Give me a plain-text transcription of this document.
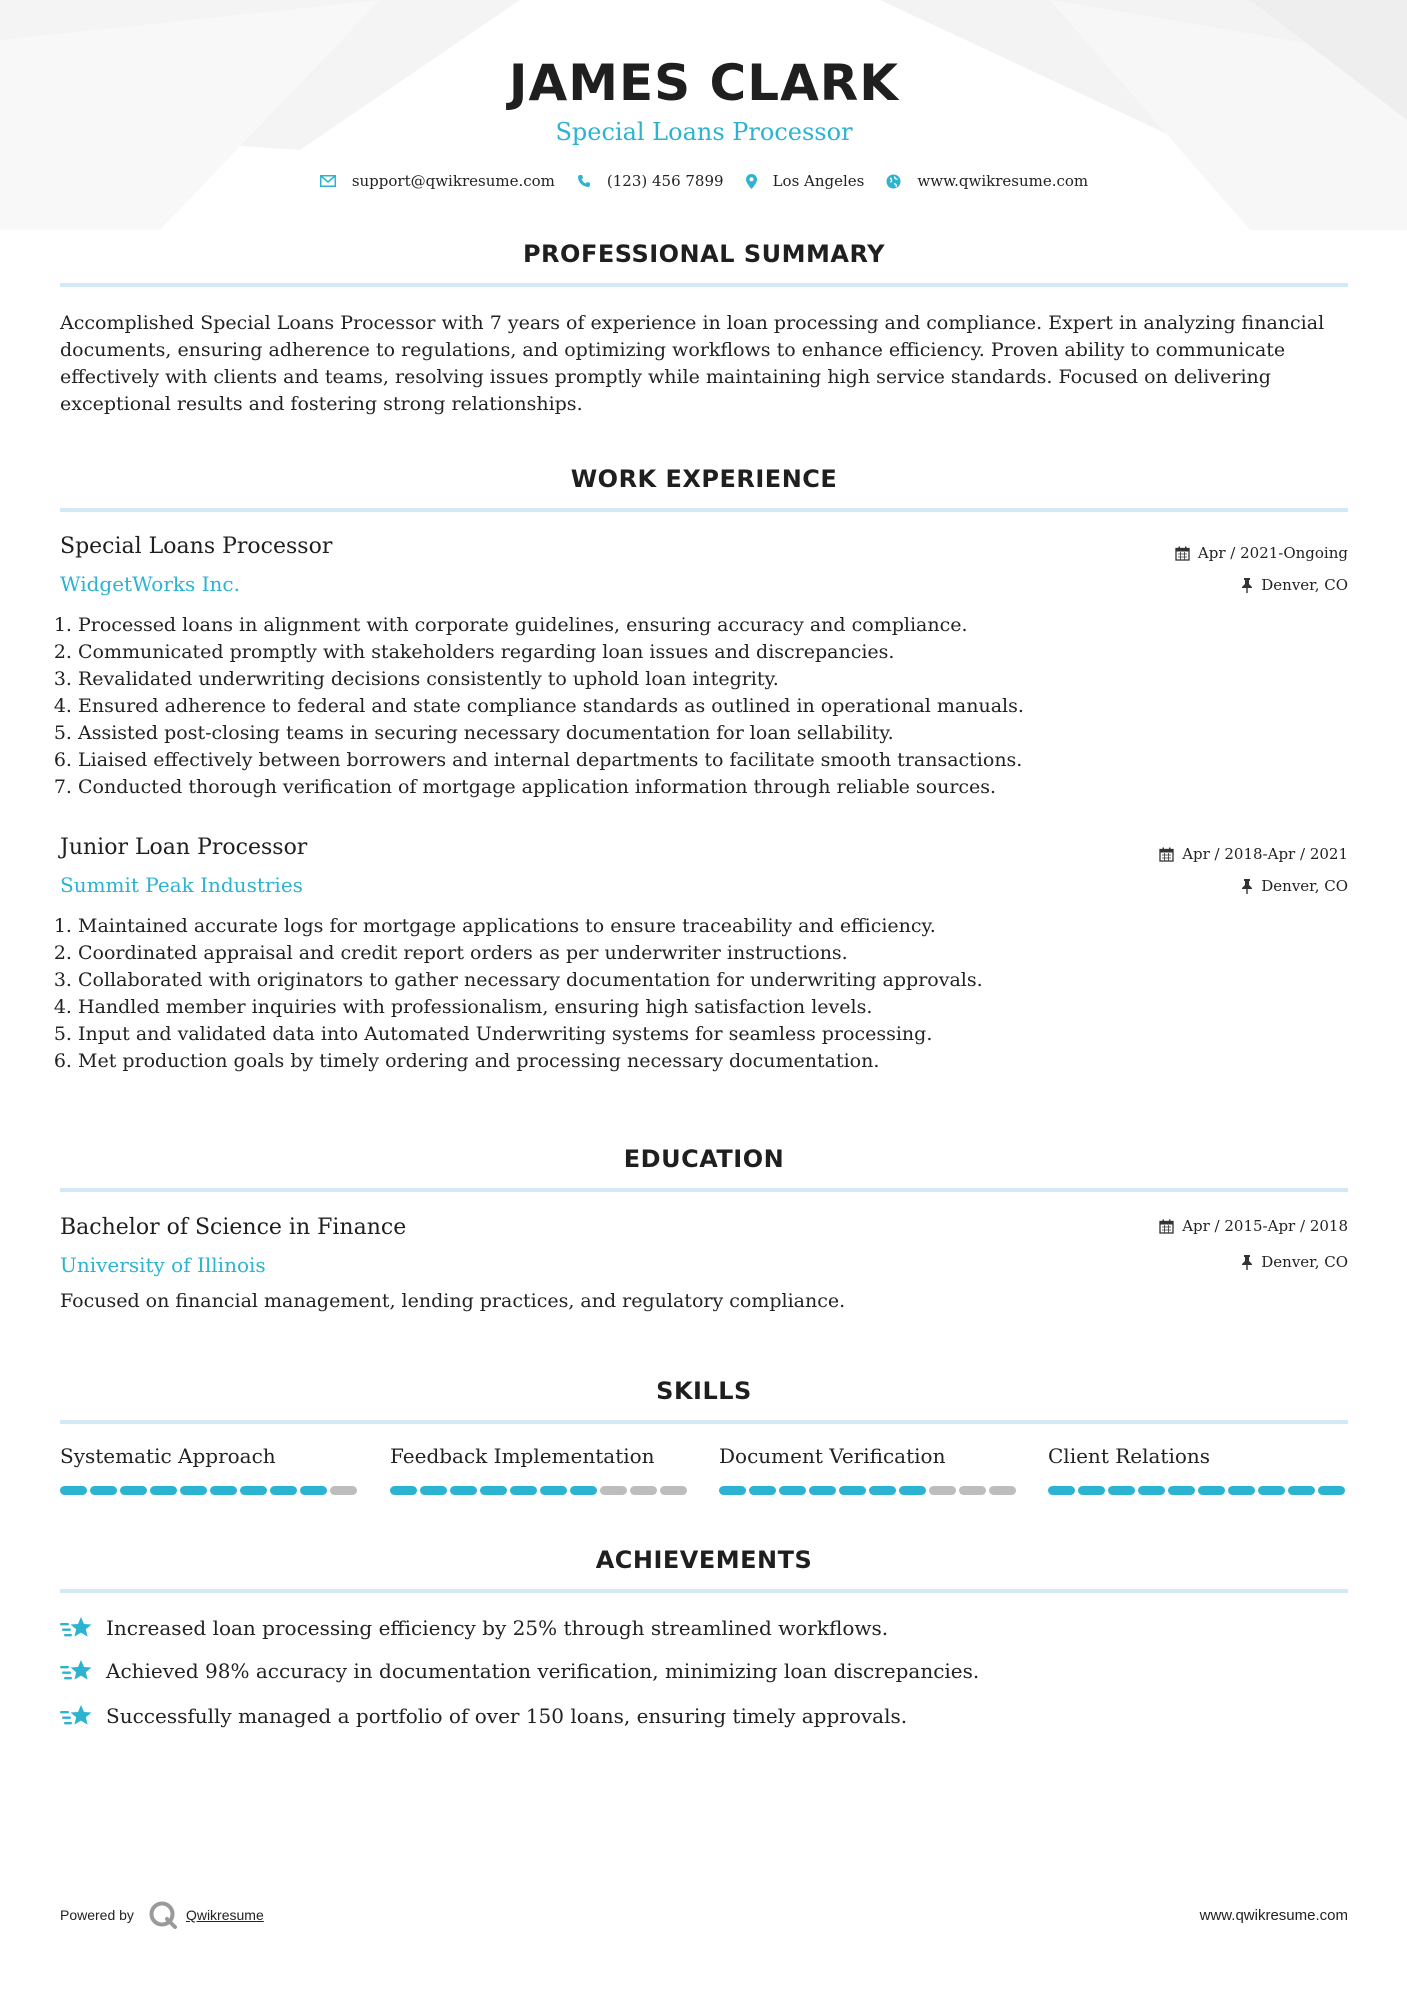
JAMES CLARK
Special Loans Processor
support@qwikresume.com	(123) 456 7899	Los Angeles	www.qwikresume.com
PROFESSIONAL SUMMARY
Accomplished Special Loans Processor with 7 years of experience in loan processing and compliance. Expert in analyzing financial documents, ensuring adherence to regulations, and optimizing workflows to enhance efficiency. Proven ability to communicate effectively with clients and teams, resolving issues promptly while maintaining high service standards. Focused on delivering exceptional results and fostering strong relationships.
WORK EXPERIENCE
Special Loans Processor
WidgetWorks Inc.
Apr / 2021-Ongoing
Denver, CO
1. Processed loans in alignment with corporate guidelines, ensuring accuracy and compliance.
2. Communicated promptly with stakeholders regarding loan issues and discrepancies.
3. Revalidated underwriting decisions consistently to uphold loan integrity.
4. Ensured adherence to federal and state compliance standards as outlined in operational manuals.
5. Assisted post-closing teams in securing necessary documentation for loan sellability.
6. Liaised effectively between borrowers and internal departments to facilitate smooth transactions.
7. Conducted thorough verification of mortgage application information through reliable sources.
Junior Loan Processor
Summit Peak Industries
Apr / 2018-Apr / 2021
Denver, CO
1. Maintained accurate logs for mortgage applications to ensure traceability and efficiency.
2. Coordinated appraisal and credit report orders as per underwriter instructions.
3. Collaborated with originators to gather necessary documentation for underwriting approvals.
4. Handled member inquiries with professionalism, ensuring high satisfaction levels.
5. Input and validated data into Automated Underwriting systems for seamless processing.
6. Met production goals by timely ordering and processing necessary documentation.
EDUCATION
Bachelor of Science in Finance
University of Illinois
Apr / 2015-Apr / 2018
Denver, CO
Focused on financial management, lending practices, and regulatory compliance.
SKILLS
Systematic Approach	Feedback Implementation	Document Verification	Client Relations
ACHIEVEMENTS
Increased loan processing efficiency by 25% through streamlined workflows.
Achieved 98% accuracy in documentation verification, minimizing loan discrepancies.
Successfully managed a portfolio of over 150 loans, ensuring timely approvals.
Powered by	Qwikresume	www.qwikresume.com
